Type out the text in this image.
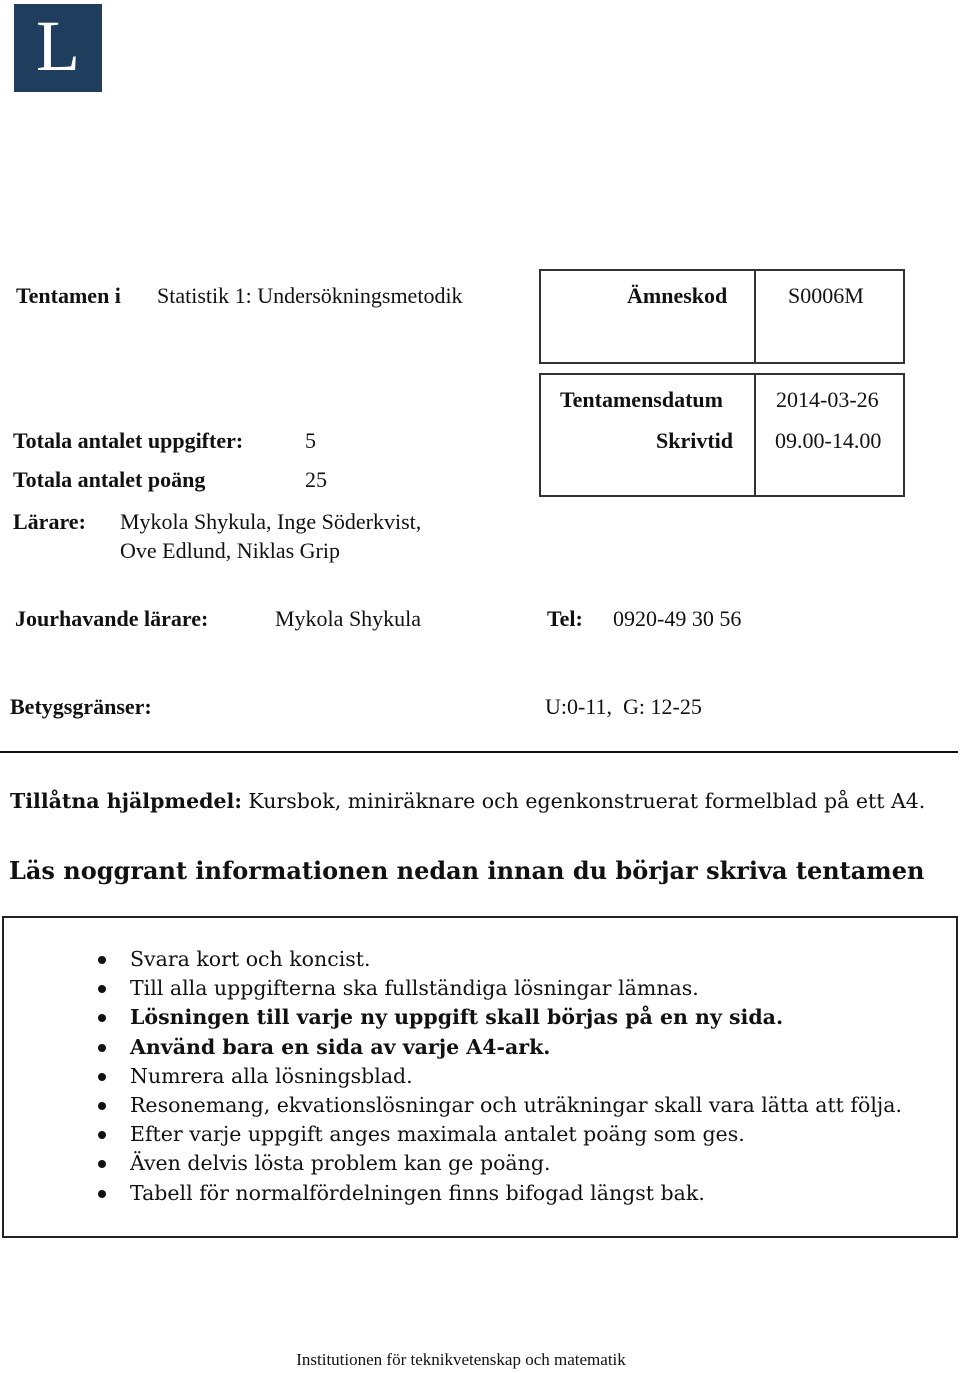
L
Tentamen i Statistik 1: Undersökningsmetodik	Ämneskod	S0006M
Tentamensdatum 2014-03-26
Skrivtid 09.00-14.00
Totala antalet uppgifter:	5
Totala antalet poäng	25
Lärare: Mykola Shykula, Inge Söderkvist,
Ove Edlund, Niklas Grip
Jourhavande lärare:	Mykola Shykula	Tel: 0920-49 30 56
Betygsgränser:	U:0-11,  G: 12-25
Tillåtna hjälpmedel: Kursbok, miniräknare och egenkonstruerat formelblad på ett A4.
Läs noggrant informationen nedan innan du börjar skriva tentamen
Svara kort och koncist.
Till alla uppgifterna ska fullständiga lösningar lämnas.
Lösningen till varje ny uppgift skall börjas på en ny sida.
Använd bara en sida av varje A4-ark.
Numrera alla lösningsblad.
Resonemang, ekvationslösningar och uträkningar skall vara lätta att följa.
Efter varje uppgift anges maximala antalet poäng som ges.
Även delvis lösta problem kan ge poäng.
Tabell för normalfördelningen finns bifogad längst bak.
Institutionen för teknikvetenskap och matematik
